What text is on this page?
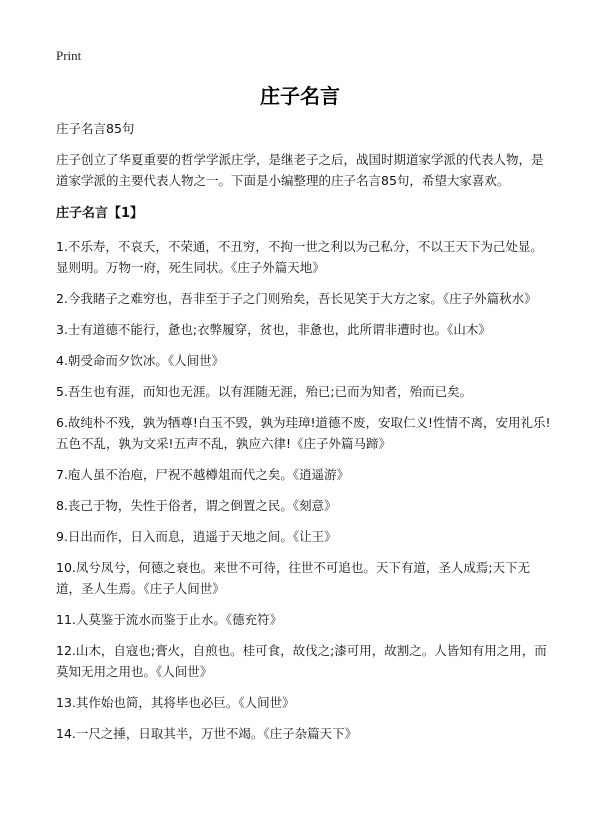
Print
庄子名言

庄子名言85句

庄子创立了华夏重要的哲学学派庄学，是继老子之后，战国时期道家学派的代表人物，是道家学派的主要代表人物之一。下面是小编整理的庄子名言85句，希望大家喜欢。

庄子名言【1】

1.不乐寿，不哀夭，不荣通，不丑穷，不拘一世之利以为己私分，不以王天下为己处显。显则明。万物一府，死生同状。《庄子外篇天地》

2.今我睹子之难穷也，吾非至于子之门则殆矣，吾长见笑于大方之家。《庄子外篇秋水》

3.士有道德不能行，惫也;衣弊履穿，贫也，非惫也，此所谓非遭时也。《山木》

4.朝受命而夕饮冰。《人间世》

5.吾生也有涯，而知也无涯。以有涯随无涯，殆已;已而为知者，殆而已矣。

6.故纯朴不残，孰为牺尊!白玉不毁，孰为珪璋!道德不废，安取仁义!性情不离，安用礼乐!五色不乱，孰为文采!五声不乱，孰应六律!《庄子外篇马蹄》

7.庖人虽不治庖，尸祝不越樽俎而代之矣。《逍遥游》

8.丧己于物，失性于俗者，谓之倒置之民。《刻意》

9.日出而作，日入而息，逍遥于天地之间。《让王》

10.凤兮凤兮，何德之衰也。来世不可待，往世不可追也。天下有道，圣人成焉;天下无道，圣人生焉。《庄子人间世》

11.人莫鉴于流水而鉴于止水。《德充符》

12.山木，自寇也;膏火，自煎也。桂可食，故伐之;漆可用，故割之。人皆知有用之用，而莫知无用之用也。《人间世》

13.其作始也简，其将毕也必巨。《人间世》

14.一尺之捶，日取其半，万世不竭。《庄子杂篇天下》
